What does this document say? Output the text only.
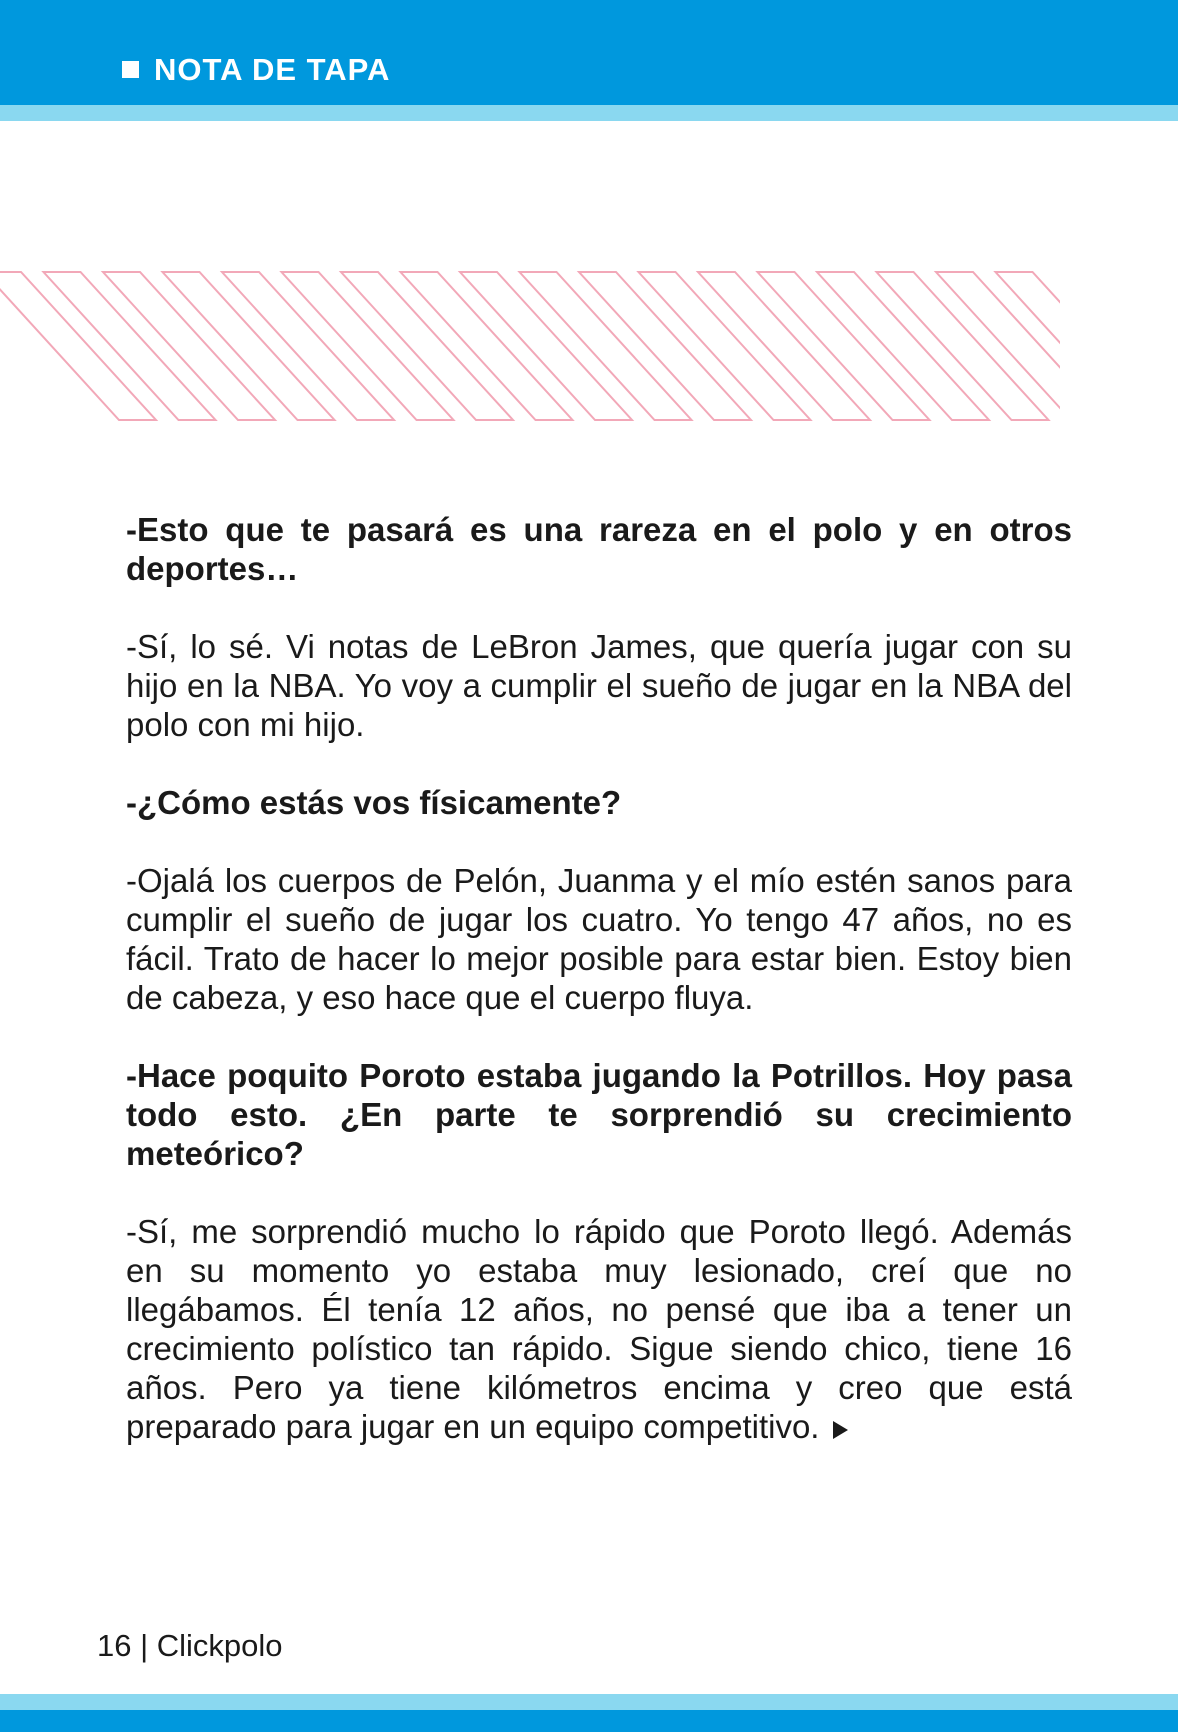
NOTA DE TAPA

-Esto que te pasará es una rareza en el polo y en otros deportes…

-Sí, lo sé. Vi notas de LeBron James, que quería jugar con su hijo en la NBA. Yo voy a cumplir el sueño de jugar en la NBA del polo con mi hijo.

-¿Cómo estás vos físicamente?

-Ojalá los cuerpos de Pelón, Juanma y el mío estén sanos para cumplir el sueño de jugar los cuatro. Yo tengo 47 años, no es fácil. Trato de hacer lo mejor posible para estar bien. Estoy bien de cabeza, y eso hace que el cuerpo fluya.

-Hace poquito Poroto estaba jugando la Potrillos. Hoy pasa todo esto. ¿En parte te sorprendió su crecimiento meteórico?

-Sí, me sorprendió mucho lo rápido que Poroto llegó. Además en su momento yo estaba muy lesionado, creí que no llegábamos. Él tenía 12 años, no pensé que iba a tener un crecimiento polístico tan rápido. Sigue siendo chico, tiene 16 años. Pero ya tiene kilómetros encima y creo que está preparado para jugar en un equipo competitivo.

16 | Clickpolo
